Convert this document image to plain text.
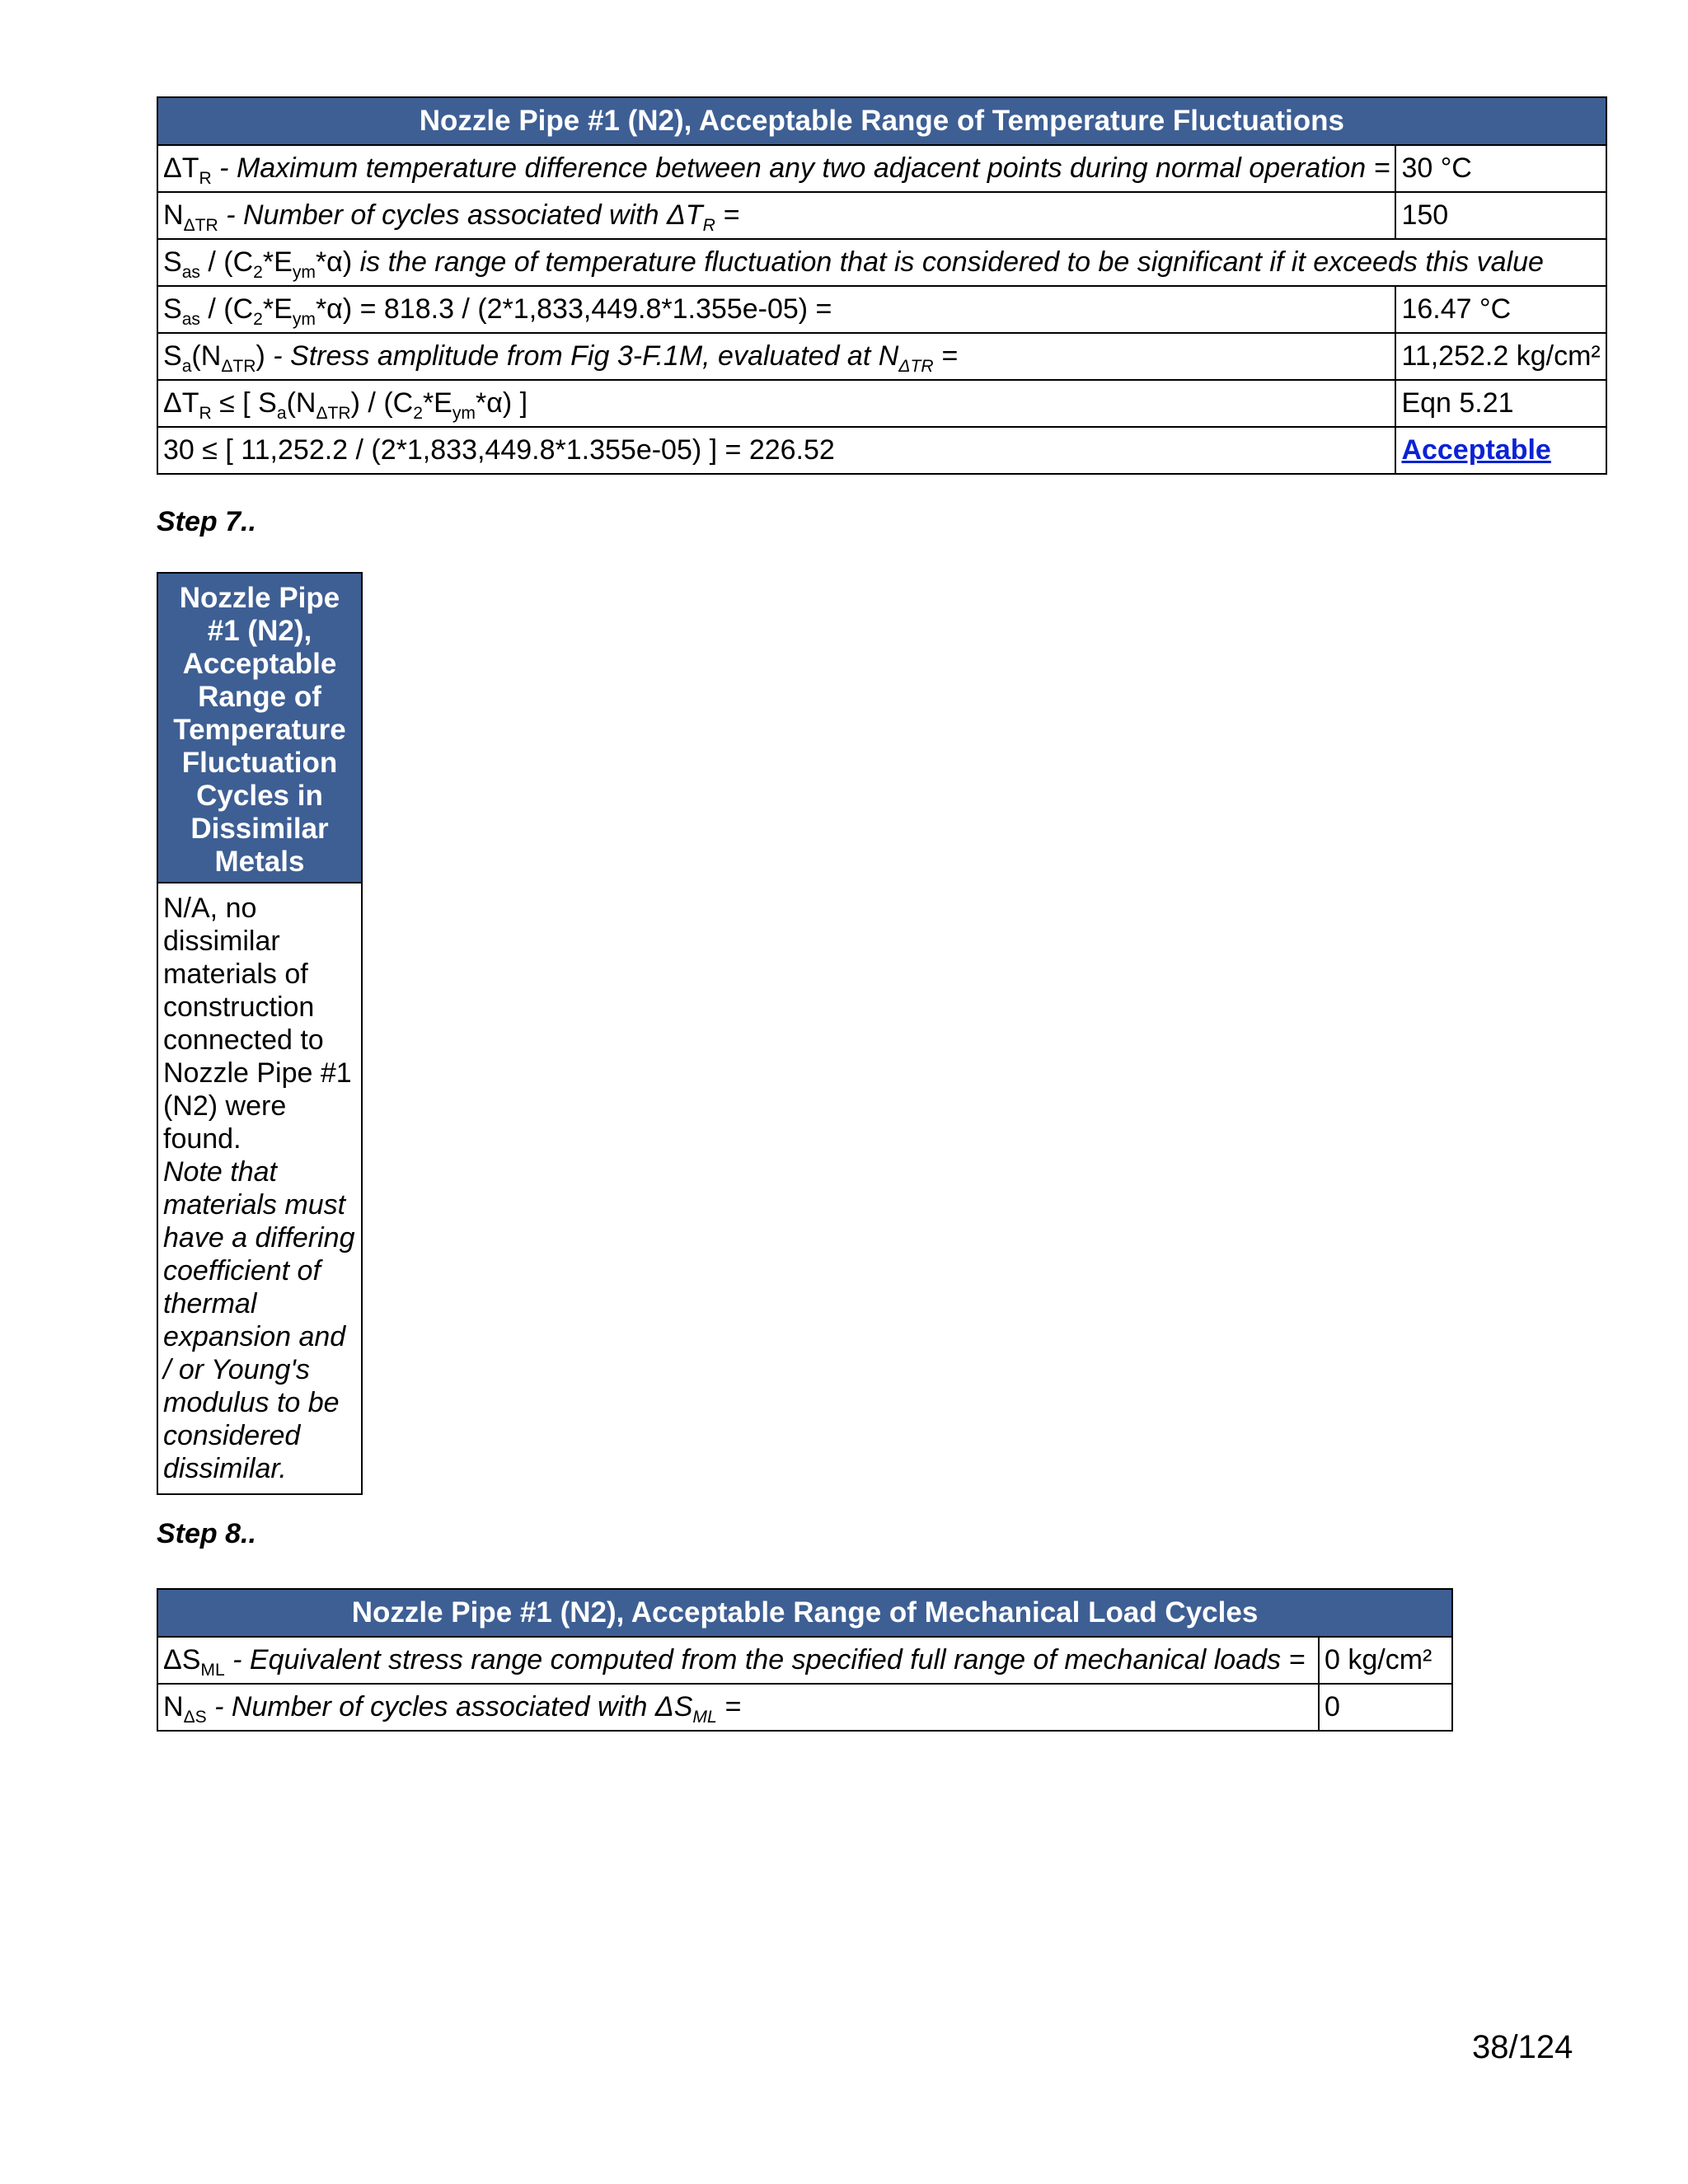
Nozzle Pipe #1 (N2), Acceptable Range of Temperature Fluctuations	
$\Delta T_R$ - Maximum temperature difference between any two adjacent points during normal operation =	30 °C
$N_{\Delta TR}$ - Number of cycles associated with $\Delta T_R$ =	150
$S_{as} / (C_2*E_{ym}*\alpha)$ is the range of temperature fluctuation that is considered to be significant if it exceeds this value	
$S_{as} / (C_2*E_{ym}*\alpha) = 818.3 / (2*1,833,449.8*1.355e-05)$ =	16.47 °C
$S_a(N_{\Delta TR})$ - Stress amplitude from Fig 3-F.1M, evaluated at $N_{\Delta TR}$ =	11,252.2 kg/cm²
$\Delta T_R$ ≤ [ $S_a(N_{\Delta TR}) / (C_2*E_{ym}*\alpha)$ ]	Eqn 5.21
30 ≤ [ 11,252.2 / (2*1,833,449.8*1.355e-05) ] = 226.52	Acceptable
Step 7..
Nozzle Pipe #1 (N2), Acceptable Range of Temperature Fluctuation Cycles in Dissimilar Metals
N/A, no dissimilar materials of construction connected to Nozzle Pipe #1 (N2) were found.
Note that materials must have a differing coefficient of thermal expansion and / or Young's modulus to be considered dissimilar.
Step 8..
Nozzle Pipe #1 (N2), Acceptable Range of Mechanical Load Cycles	
$\Delta S_{ML}$ - Equivalent stress range computed from the specified full range of mechanical loads =	0 kg/cm²
$N_{\Delta S}$ - Number of cycles associated with $\Delta S_{ML}$ =	0
38/124
